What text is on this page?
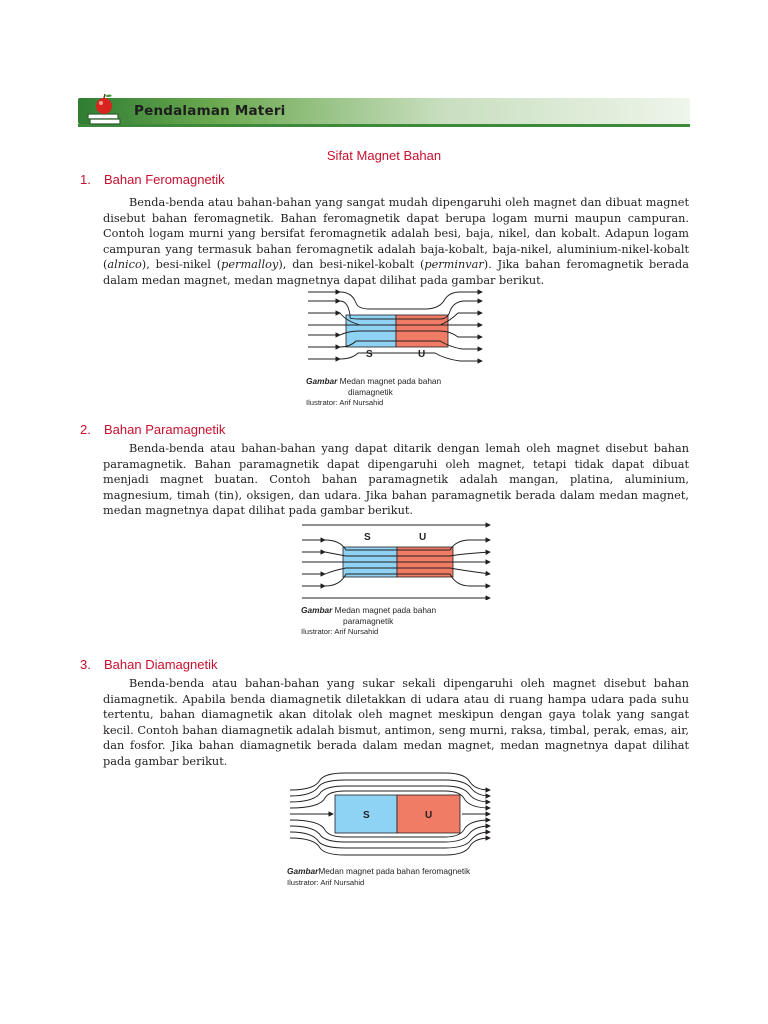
Pendalaman Materi
Sifat Magnet Bahan
1. Bahan Feromagnetik
Benda-benda atau bahan-bahan yang sangat mudah dipengaruhi oleh magnet dan dibuat magnet disebut bahan feromagnetik. Bahan feromagnetik dapat berupa logam murni maupun campuran. Contoh logam murni yang bersifat feromagnetik adalah besi, baja, nikel, dan kobalt. Adapun logam campuran yang termasuk bahan feromagnetik adalah baja-kobalt, baja-nikel, aluminium-nikel-kobalt (alnico), besi-nikel (permalloy), dan besi-nikel-kobalt (perminvar). Jika bahan feromagnetik berada dalam medan magnet, medan magnetnya dapat dilihat pada gambar berikut.
S	U
Gambar Medan magnet pada bahan
diamagnetik
Ilustrator: Arif Nursahid
2. Bahan Paramagnetik
Benda-benda atau bahan-bahan yang dapat ditarik dengan lemah oleh magnet disebut bahan paramagnetik. Bahan paramagnetik dapat dipengaruhi oleh magnet, tetapi tidak dapat dibuat menjadi magnet buatan. Contoh bahan paramagnetik adalah mangan, platina, aluminium, magnesium, timah (tin), oksigen, dan udara. Jika bahan paramagnetik berada dalam medan magnet, medan magnetnya dapat dilihat pada gambar berikut.
S	U
Gambar Medan magnet pada bahan
paramagnetik
Ilustrator: Arif Nursahid
3. Bahan Diamagnetik
Benda-benda atau bahan-bahan yang sukar sekali dipengaruhi oleh magnet disebut bahan diamagnetik. Apabila benda diamagnetik diletakkan di udara atau di ruang hampa udara pada suhu tertentu, bahan diamagnetik akan ditolak oleh magnet meskipun dengan gaya tolak yang sangat kecil. Contoh bahan diamagnetik adalah bismut, antimon, seng murni, raksa, timbal, perak, emas, air, dan fosfor. Jika bahan diamagnetik berada dalam medan magnet, medan magnetnya dapat dilihat pada gambar berikut.
S	U
GambarMedan magnet pada bahan feromagnetik
Ilustrator: Arif Nursahid
